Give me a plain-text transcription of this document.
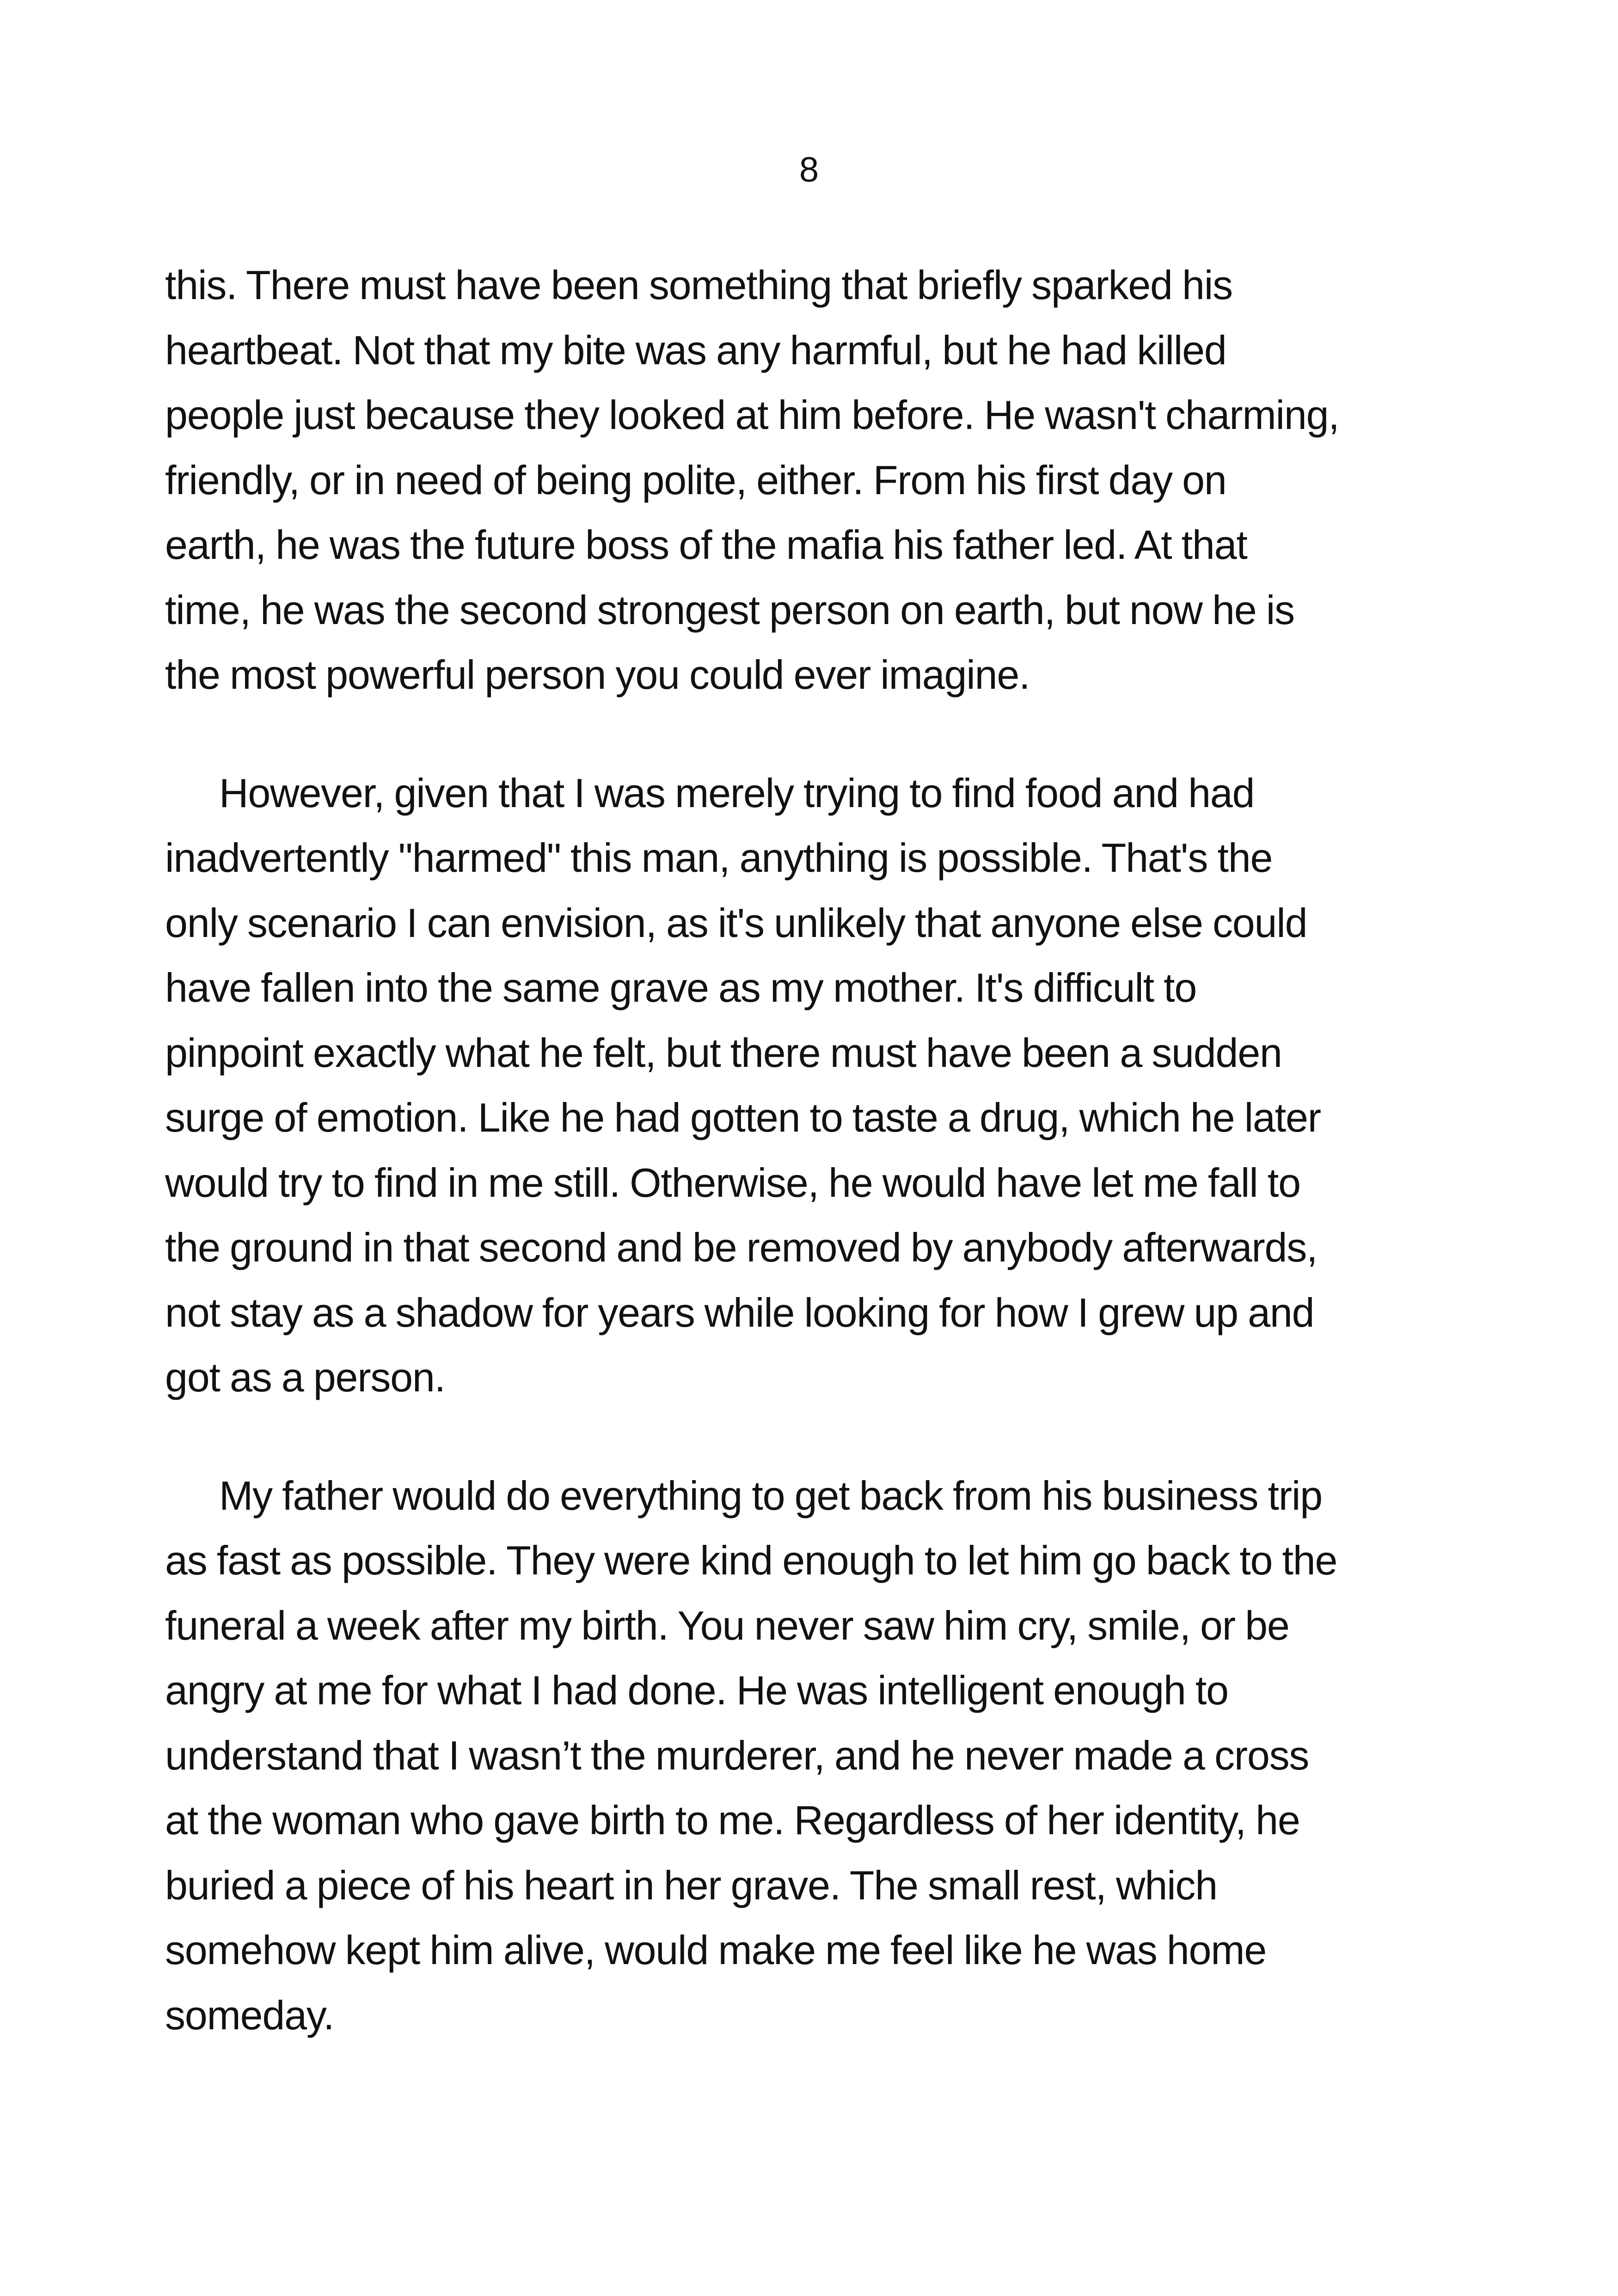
8

this. There must have been something that briefly sparked his
heartbeat. Not that my bite was any harmful, but he had killed
people just because they looked at him before. He wasn't charming,
friendly, or in need of being polite, either. From his first day on
earth, he was the future boss of the mafia his father led. At that
time, he was the second strongest person on earth, but now he is
the most powerful person you could ever imagine.

However, given that I was merely trying to find food and had
inadvertently "harmed" this man, anything is possible. That's the
only scenario I can envision, as it's unlikely that anyone else could
have fallen into the same grave as my mother. It's difficult to
pinpoint exactly what he felt, but there must have been a sudden
surge of emotion. Like he had gotten to taste a drug, which he later
would try to find in me still. Otherwise, he would have let me fall to
the ground in that second and be removed by anybody afterwards,
not stay as a shadow for years while looking for how I grew up and
got as a person.

My father would do everything to get back from his business trip
as fast as possible. They were kind enough to let him go back to the
funeral a week after my birth. You never saw him cry, smile, or be
angry at me for what I had done. He was intelligent enough to
understand that I wasn’t the murderer, and he never made a cross
at the woman who gave birth to me. Regardless of her identity, he
buried a piece of his heart in her grave. The small rest, which
somehow kept him alive, would make me feel like he was home
someday.
